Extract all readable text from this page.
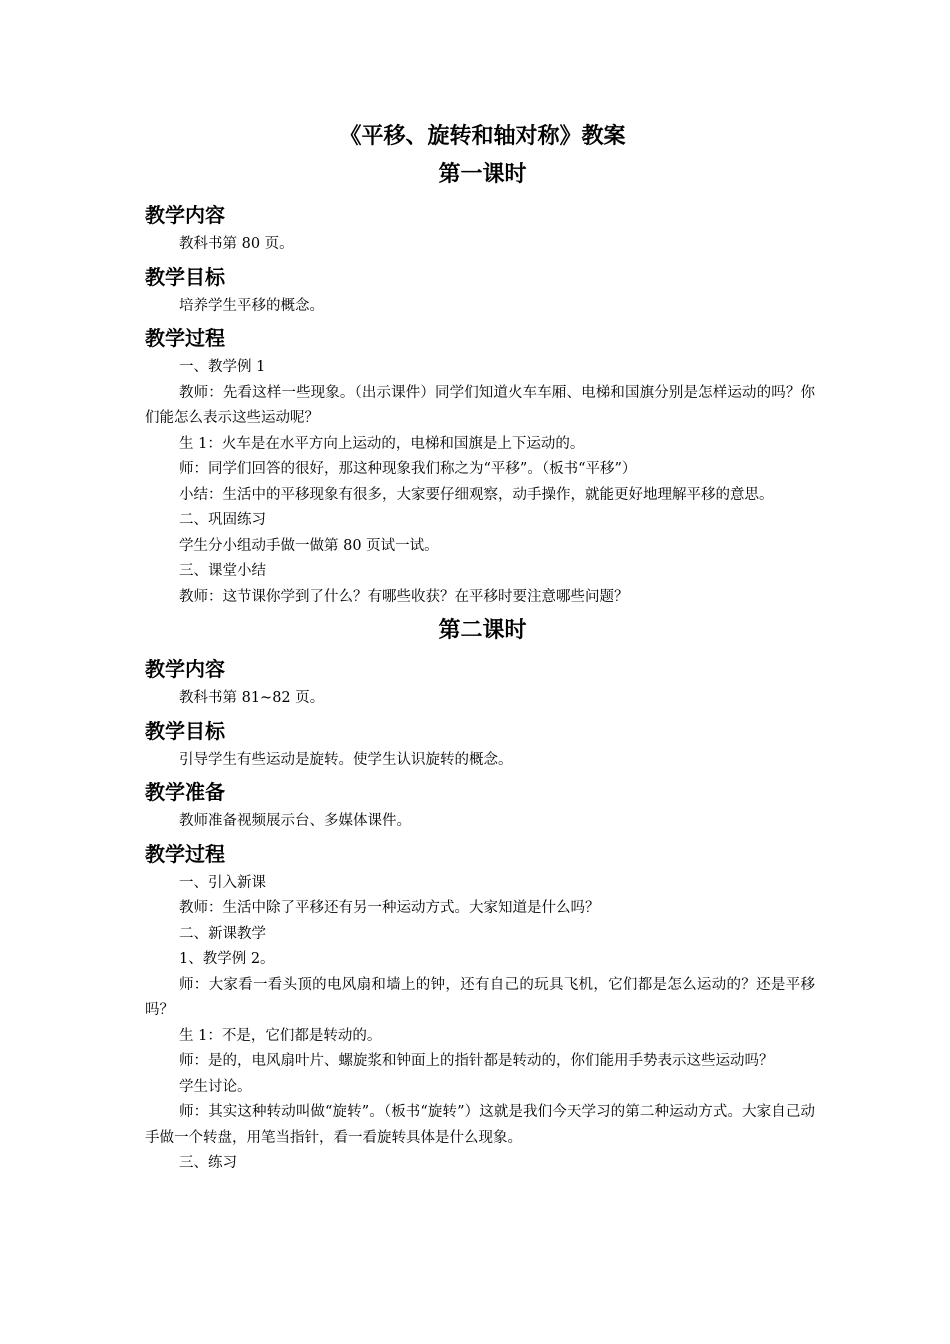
《平移、旋转和轴对称》教案
第一课时
教学内容

教科书第 80 页。

教学目标

培养学生平移的概念。

教学过程

一、教学例 1

教师：先看这样一些现象。（出示课件）同学们知道火车车厢、电梯和国旗分别是怎样运动的吗？你们能怎么表示这些运动呢？

生 1：火车是在水平方向上运动的，电梯和国旗是上下运动的。

师：同学们回答的很好，那这种现象我们称之为“平移”。（板书“平移”）

小结：生活中的平移现象有很多，大家要仔细观察，动手操作，就能更好地理解平移的意思。

二、巩固练习

学生分小组动手做一做第 80 页试一试。

三、课堂小结

教师：这节课你学到了什么？有哪些收获？在平移时要注意哪些问题？

第二课时
教学内容

教科书第 81~82 页。

教学目标

引导学生有些运动是旋转。使学生认识旋转的概念。

教学准备

教师准备视频展示台、多媒体课件。

教学过程

一、引入新课

教师：生活中除了平移还有另一种运动方式。大家知道是什么吗？

二、新课教学

1、教学例 2。

师：大家看一看头顶的电风扇和墙上的钟，还有自己的玩具飞机，它们都是怎么运动的？还是平移吗？

生 1：不是，它们都是转动的。

师：是的，电风扇叶片、螺旋浆和钟面上的指针都是转动的，你们能用手势表示这些运动吗？

学生讨论。

师：其实这种转动叫做“旋转”。（板书“旋转”）这就是我们今天学习的第二种运动方式。大家自己动手做一个转盘，用笔当指针，看一看旋转具体是什么现象。

三、练习
